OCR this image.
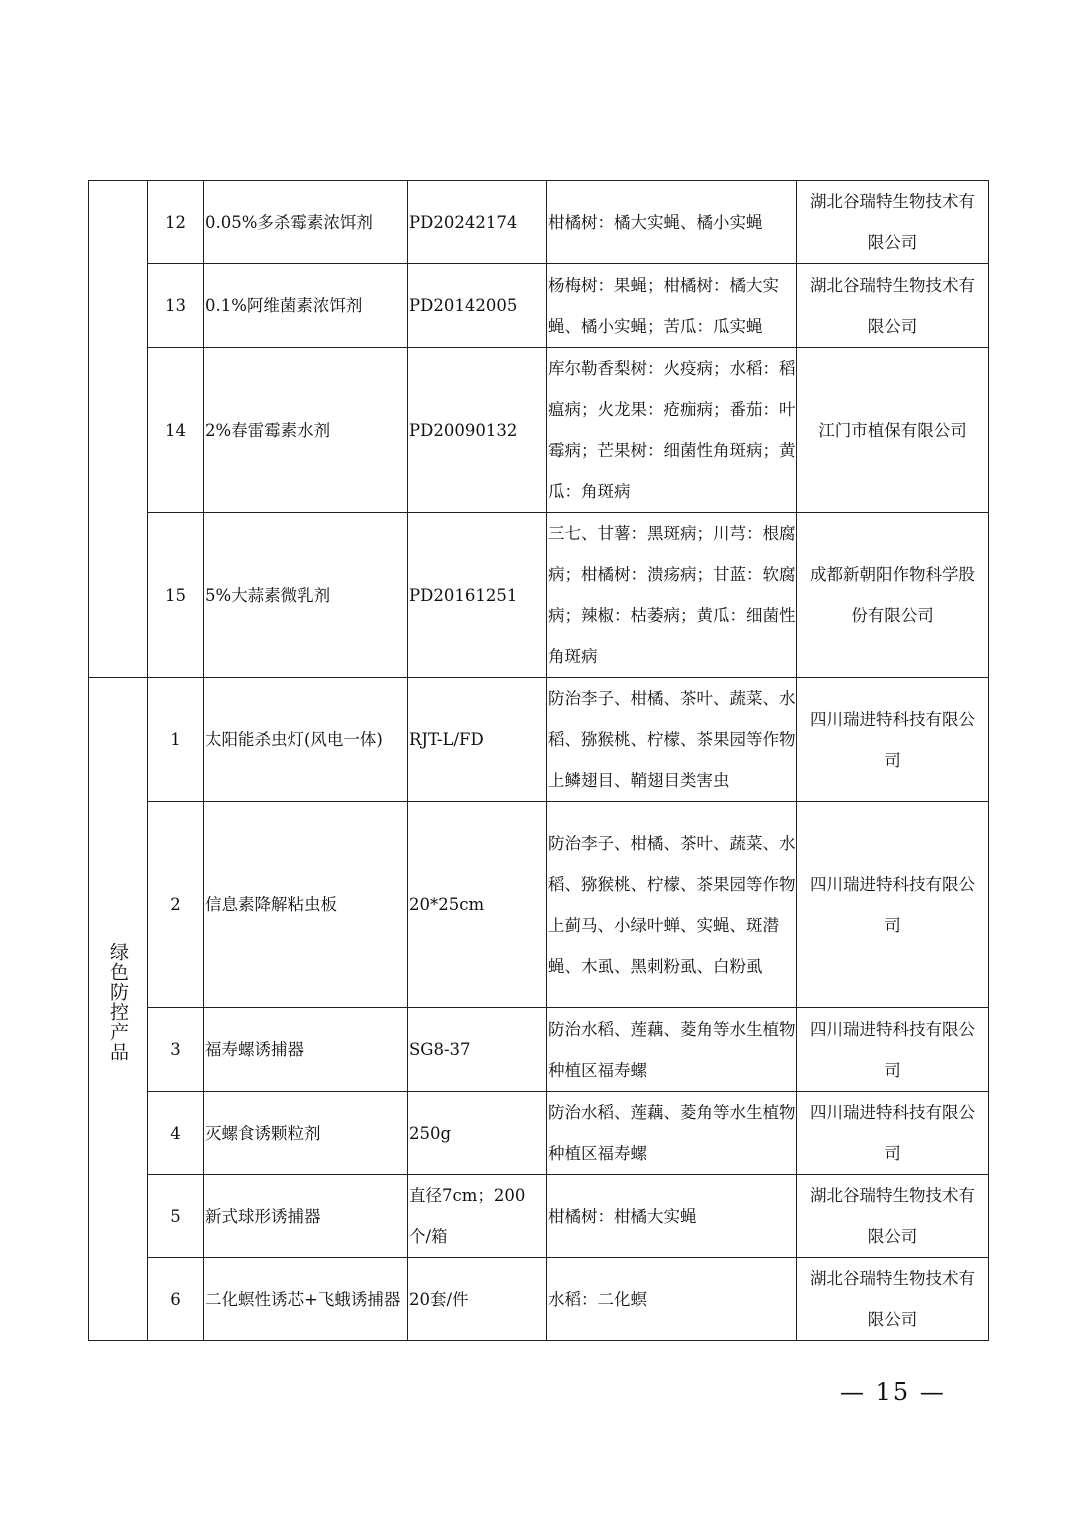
	12	0.05%多杀霉素浓饵剂	PD20242174	柑橘树：橘大实蝇、橘小实蝇	湖北谷瑞特生物技术有限公司
	13	0.1%阿维菌素浓饵剂	PD20142005	杨梅树：果蝇；柑橘树：橘大实蝇、橘小实蝇；苦瓜：瓜实蝇	湖北谷瑞特生物技术有限公司
	14	2%春雷霉素水剂	PD20090132	库尔勒香梨树：火疫病；水稻：稻瘟病；火龙果：疮痂病；番茄：叶霉病；芒果树：细菌性角斑病；黄瓜：角斑病	江门市植保有限公司
	15	5%大蒜素微乳剂	PD20161251	三七、甘薯：黑斑病；川芎：根腐病；柑橘树：溃疡病；甘蓝：软腐病；辣椒：枯萎病；黄瓜：细菌性角斑病	成都新朝阳作物科学股份有限公司
绿色防控产品	1	太阳能杀虫灯(风电一体)	RJT-L/FD	防治李子、柑橘、茶叶、蔬菜、水稻、猕猴桃、柠檬、茶果园等作物上鳞翅目、鞘翅目类害虫	四川瑞进特科技有限公司
	2	信息素降解粘虫板	20*25cm	防治李子、柑橘、茶叶、蔬菜、水稻、猕猴桃、柠檬、茶果园等作物上蓟马、小绿叶蝉、实蝇、斑潜蝇、木虱、黑刺粉虱、白粉虱	四川瑞进特科技有限公司
	3	福寿螺诱捕器	SG8-37	防治水稻、莲藕、菱角等水生植物种植区福寿螺	四川瑞进特科技有限公司
	4	灭螺食诱颗粒剂	250g	防治水稻、莲藕、菱角等水生植物种植区福寿螺	四川瑞进特科技有限公司
	5	新式球形诱捕器	直径7cm；200个/箱	柑橘树：柑橘大实蝇	湖北谷瑞特生物技术有限公司
	6	二化螟性诱芯+飞蛾诱捕器	20套/件	水稻：二化螟	湖北谷瑞特生物技术有限公司
— 15 —
